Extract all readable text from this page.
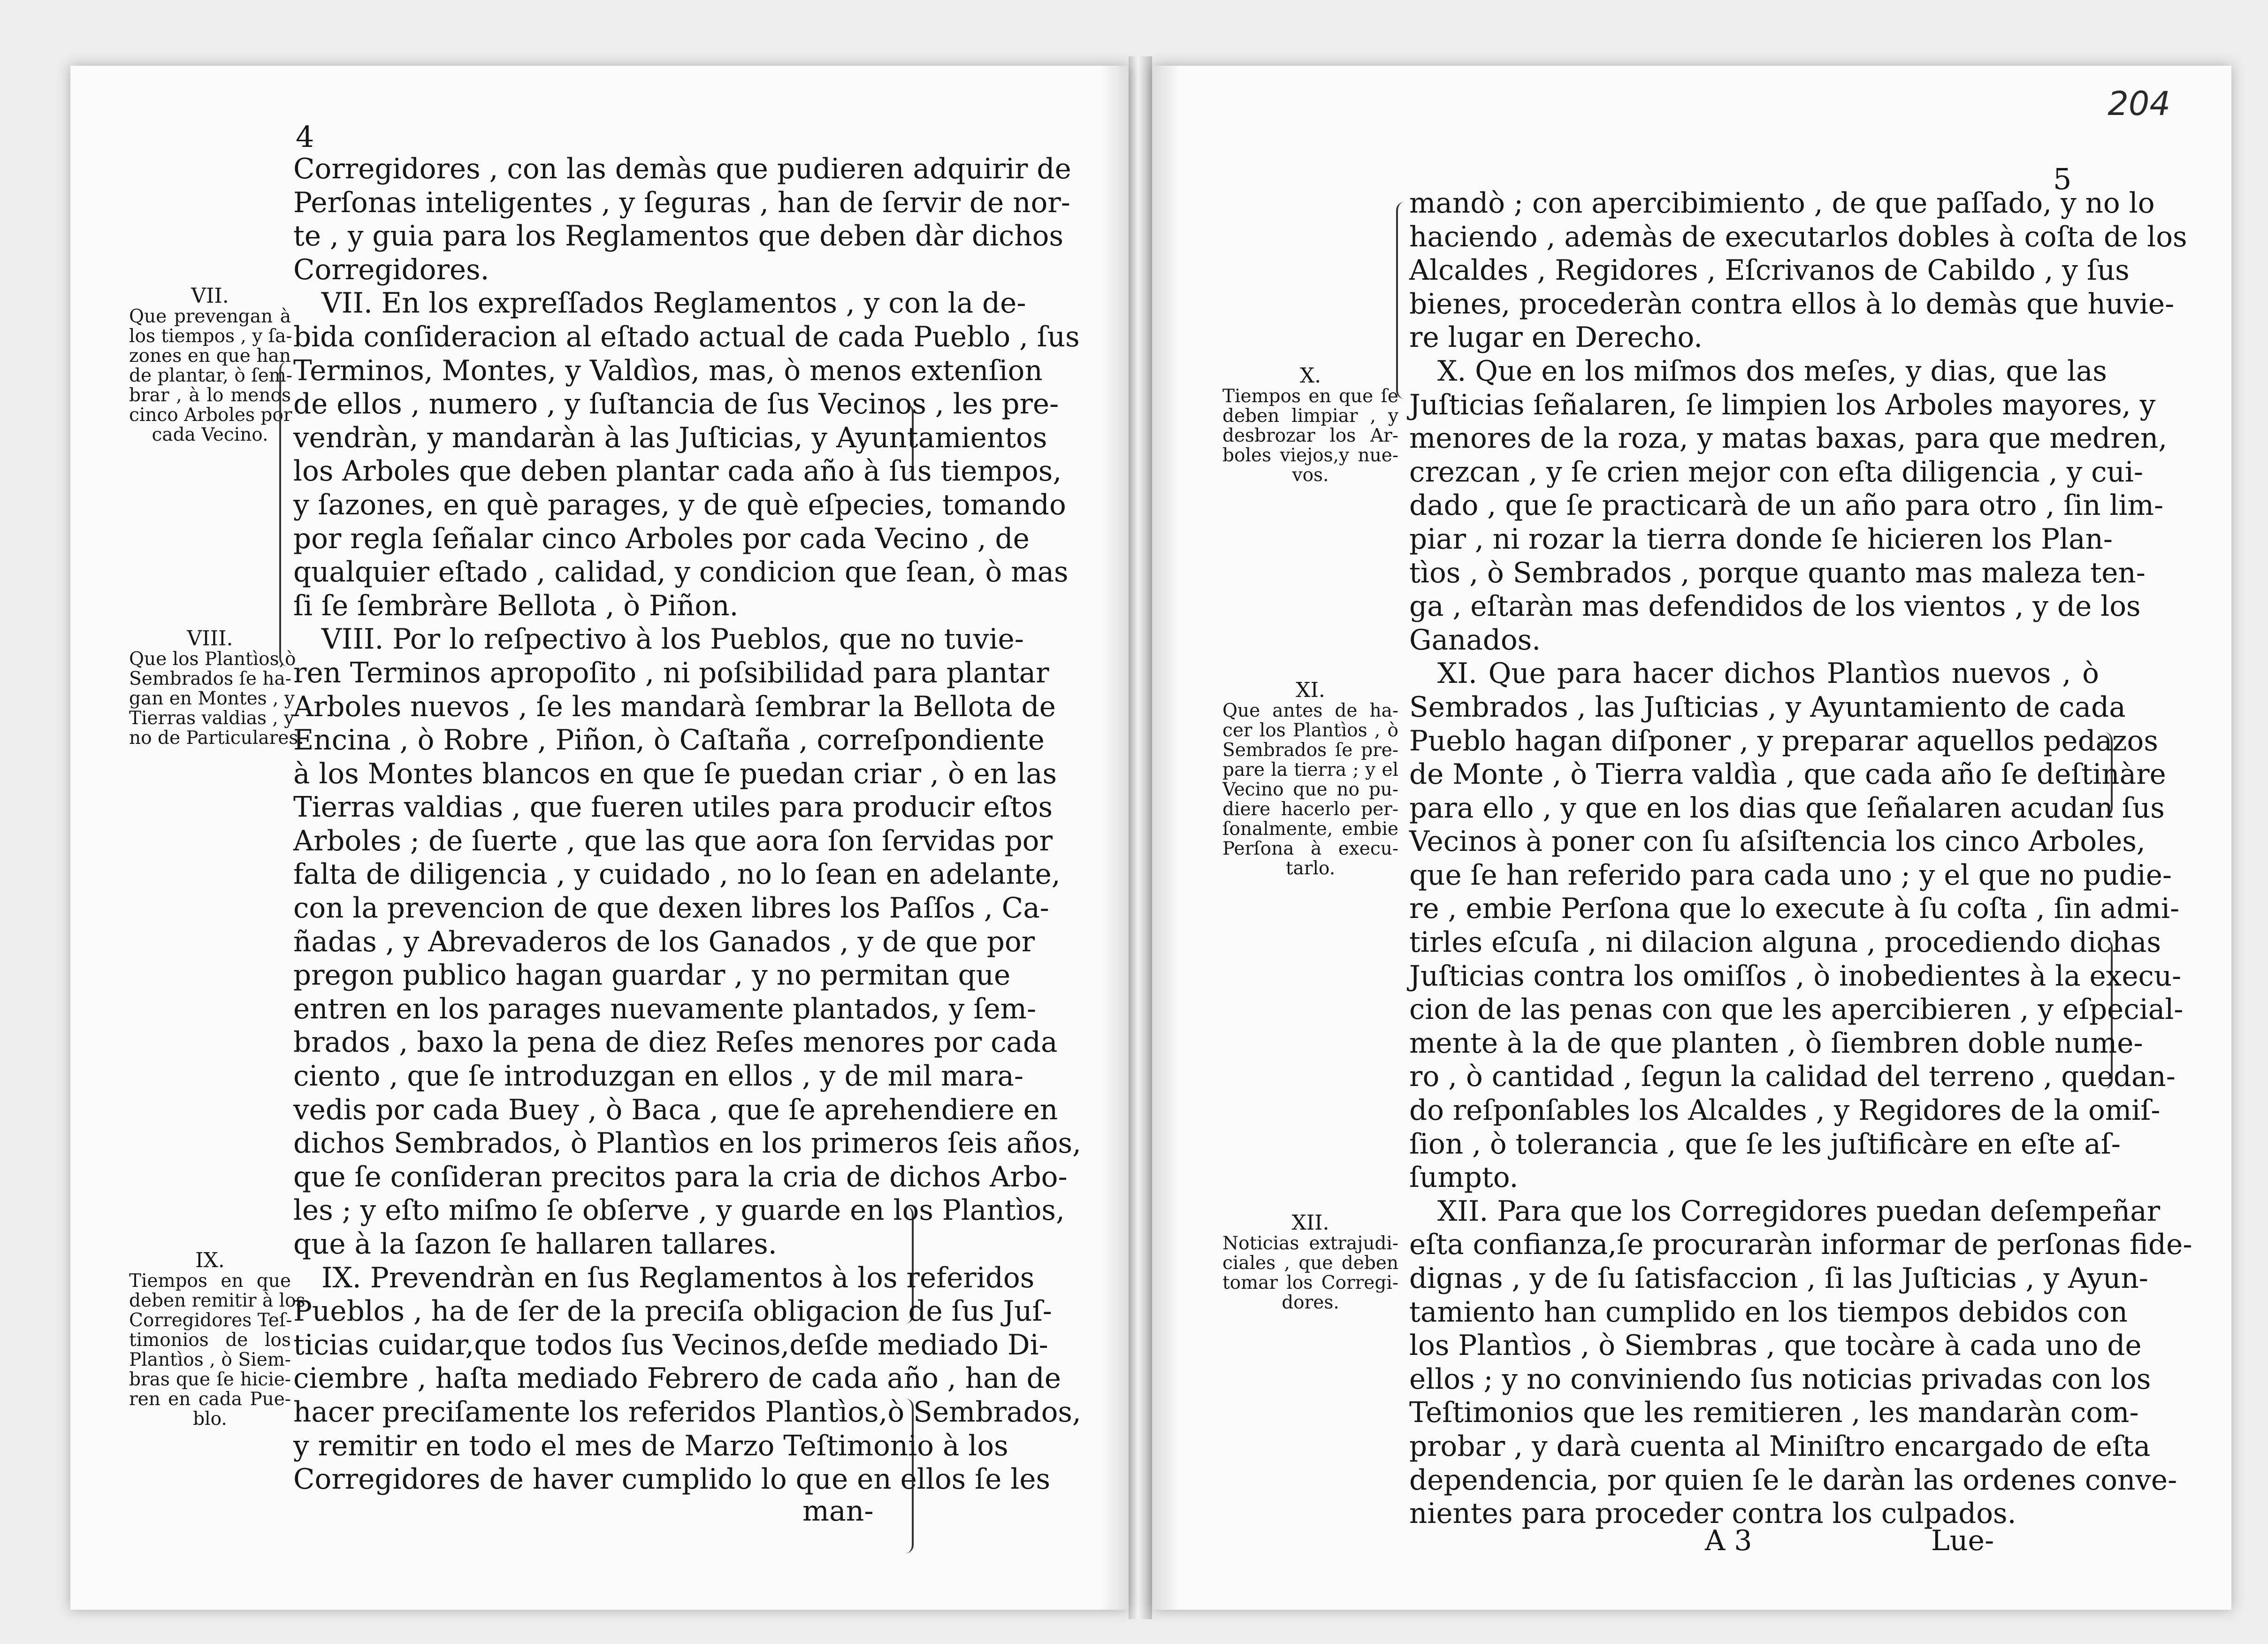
4
VII.
Que prevengan à
los tiempos , y ſa-
zones en que han
de plantar, ò ſem-
brar , à lo menos
cinco Arboles por
cada Vecino.
VIII.
Que los Plantìos,ò
Sembrados ſe ha-
gan en Montes , y
Tierras valdias , y
no de Particulares.
IX.
Tiempos en que
deben remitir à los
Corregidores Teſ-
timonios de los
Plantìos , ò Siem-
bras que ſe hicie-
ren en cada Pue-
blo.
Corregidores , con las demàs que pudieren adquirir de
Perſonas inteligentes , y ſeguras , han de ſervir de nor-
te , y guia para los Reglamentos que deben dàr dichos
Corregidores.
VII. En los expreſſados Reglamentos , y con la de-
bida conſideracion al eſtado actual de cada Pueblo , ſus
Terminos, Montes, y Valdìos, mas, ò menos extenſion
de ellos , numero , y ſuſtancia de ſus Vecinos , les pre-
vendràn, y mandaràn à las Juſticias, y Ayuntamientos
los Arboles que deben plantar cada año à ſus tiempos,
y ſazones, en què parages, y de què eſpecies, tomando
por regla ſeñalar cinco Arboles por cada Vecino , de
qualquier eſtado , calidad, y condicion que ſean, ò mas
ſi ſe ſembràre Bellota , ò Piñon.
VIII. Por lo reſpectivo à los Pueblos, que no tuvie-
ren Terminos apropoſito , ni poſsibilidad para plantar
Arboles nuevos , ſe les mandarà ſembrar la Bellota de
Encina , ò Robre , Piñon, ò Caſtaña , correſpondiente
à los Montes blancos en que ſe puedan criar , ò en las
Tierras valdias , que fueren utiles para producir eſtos
Arboles ; de ſuerte , que las que aora ſon ſervidas por
falta de diligencia , y cuidado , no lo ſean en adelante,
con la prevencion de que dexen libres los Paſſos , Ca-
ñadas , y Abrevaderos de los Ganados , y de que por
pregon publico hagan guardar , y no permitan que
entren en los parages nuevamente plantados, y ſem-
brados , baxo la pena de diez Reſes menores por cada
ciento , que ſe introduzgan en ellos , y de mil mara-
vedis por cada Buey , ò Baca , que ſe aprehendiere en
dichos Sembrados, ò Plantìos en los primeros ſeis años,
que ſe conſideran precitos para la cria de dichos Arbo-
les ; y eſto miſmo ſe obſerve , y guarde en los Plantìos,
que à la ſazon ſe hallaren tallares.
IX. Prevendràn en ſus Reglamentos à los referidos
Pueblos , ha de ſer de la preciſa obligacion de ſus Juſ-
ticias cuidar,que todos ſus Vecinos,deſde mediado Di-
ciembre , haſta mediado Febrero de cada año , han de
hacer preciſamente los referidos Plantìos,ò Sembrados,
y remitir en todo el mes de Marzo Teſtimonio à los
Corregidores de haver cumplido lo que en ellos ſe les
man-
204
5
X.
Tiempos en que ſe
deben limpiar , y
desbrozar los Ar-
boles viejos,y nue-
vos.
XI.
Que antes de ha-
cer los Plantìos , ò
Sembrados ſe pre-
pare la tierra ; y el
Vecino que no pu-
diere hacerlo per-
ſonalmente, embie
Perſona à execu-
tarlo.
XII.
Noticias extrajudi-
ciales , que deben
tomar los Corregi-
dores.
mandò ; con apercibimiento , de que paſſado, y no lo
haciendo , ademàs de executarlos dobles à coſta de los
Alcaldes , Regidores , Eſcrivanos de Cabildo , y ſus
bienes, procederàn contra ellos à lo demàs que huvie-
re lugar en Derecho.
X. Que en los miſmos dos meſes, y dias, que las
Juſticias ſeñalaren, ſe limpien los Arboles mayores, y
menores de la roza, y matas baxas, para que medren,
crezcan , y ſe crien mejor con eſta diligencia , y cui-
dado , que ſe practicarà de un año para otro , ſin lim-
piar , ni rozar la tierra donde ſe hicieren los Plan-
tìos , ò Sembrados , porque quanto mas maleza ten-
ga , eſtaràn mas defendidos de los vientos , y de los
Ganados.
XI. Que para hacer dichos Plantìos nuevos , ò
Sembrados , las Juſticias , y Ayuntamiento de cada
Pueblo hagan diſponer , y preparar aquellos pedazos
de Monte , ò Tierra valdìa , que cada año ſe deſtinàre
para ello , y que en los dias que ſeñalaren acudan ſus
Vecinos à poner con ſu aſsiſtencia los cinco Arboles,
que ſe han referido para cada uno ; y el que no pudie-
re , embie Perſona que lo execute à ſu coſta , ſin admi-
tirles eſcuſa , ni dilacion alguna , procediendo dichas
Juſticias contra los omiſſos , ò inobedientes à la execu-
cion de las penas con que les apercibieren , y eſpecial-
mente à la de que planten , ò ſiembren doble nume-
ro , ò cantidad , ſegun la calidad del terreno , quedan-
do reſponſables los Alcaldes , y Regidores de la omiſ-
ſion , ò tolerancia , que ſe les juſtificàre en eſte aſ-
ſumpto.
XII. Para que los Corregidores puedan deſempeñar
eſta confianza,ſe procuraràn informar de perſonas fide-
dignas , y de ſu ſatisfaccion , ſi las Juſticias , y Ayun-
tamiento han cumplido en los tiempos debidos con
los Plantìos , ò Siembras , que tocàre à cada uno de
ellos ; y no conviniendo ſus noticias privadas con los
Teſtimonios que les remitieren , les mandaràn com-
probar , y darà cuenta al Miniſtro encargado de eſta
dependencia, por quien ſe le daràn las ordenes conve-
nientes para proceder contra los culpados.
A 3	Lue-
